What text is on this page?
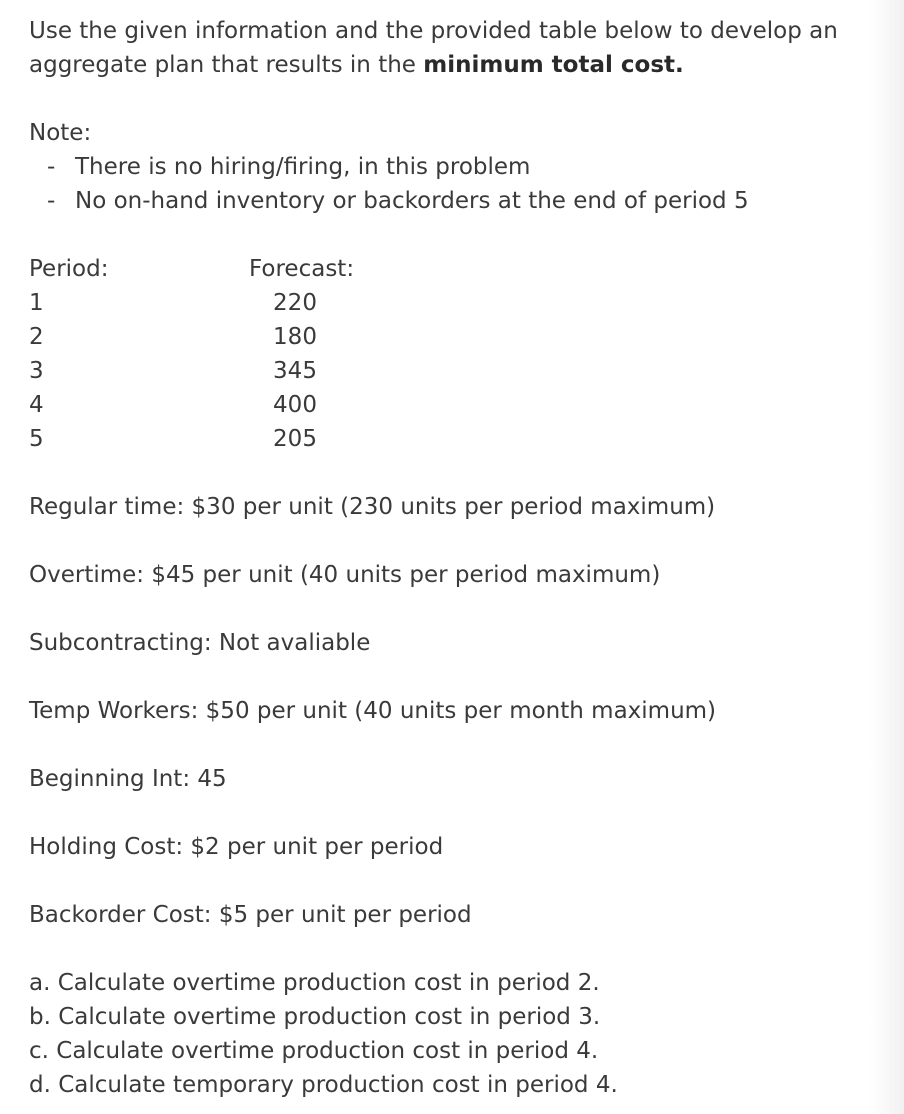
Use the given information and the provided table below to develop an aggregate plan that results in the minimum total cost.

Note:

- There is no hiring/firing, in this problem
- No on-hand inventory or backorders at the end of period 5
Period:	Forecast:
1	220
2	180
3	345
4	400
5	205

Regular time: $30 per unit (230 units per period maximum)

Overtime: $45 per unit (40 units per period maximum)

Subcontracting: Not avaliable

Temp Workers: $50 per unit (40 units per month maximum)

Beginning Int: 45

Holding Cost: $2 per unit per period

Backorder Cost: $5 per unit per period

a. Calculate overtime production cost in period 2.

b. Calculate overtime production cost in period 3.

c. Calculate overtime production cost in period 4.

d. Calculate temporary production cost in period 4.
